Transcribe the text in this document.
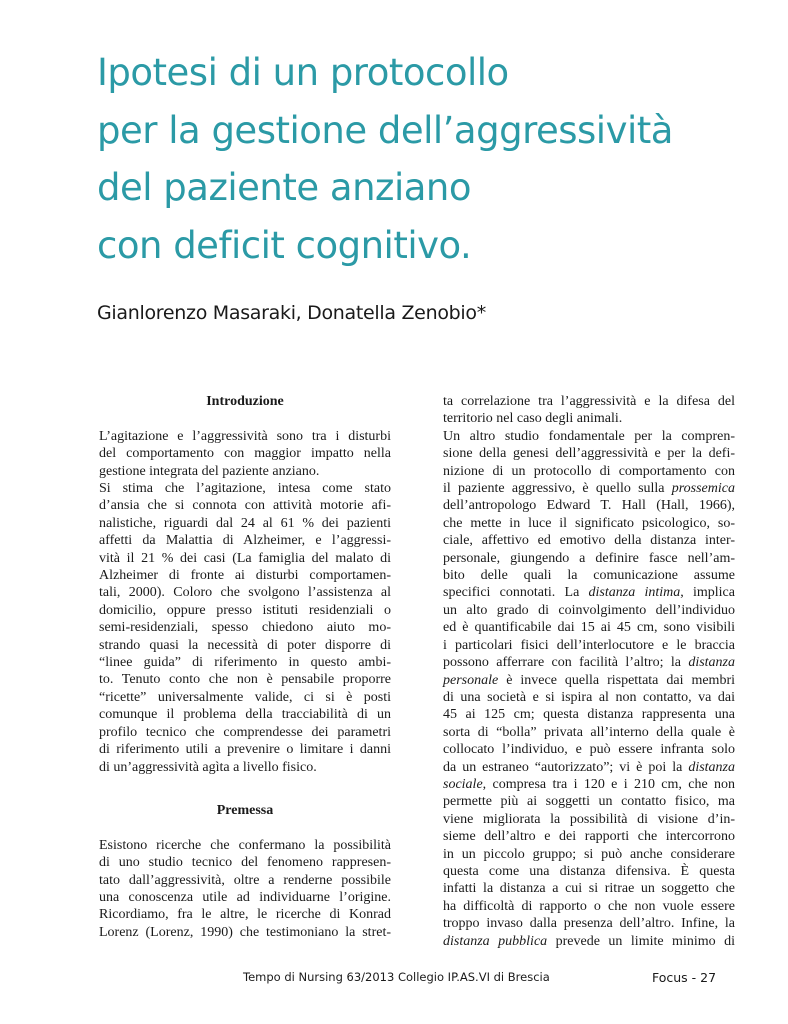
Ipotesi di un protocollo
per la gestione dell’aggressività
del paziente anziano
con deficit cognitivo.
Gianlorenzo Masaraki, Donatella Zenobio*

Introduzione

L’agitazione e l’aggressività sono tra i disturbi
del comportamento con maggior impatto nella
gestione integrata del paziente anziano.
Si stima che l’agitazione, intesa come stato
d’ansia che si connota con attività motorie afi-
nalistiche, riguardi dal 24 al 61 % dei pazienti
affetti da Malattia di Alzheimer, e l’aggressi-
vità il 21 % dei casi (La famiglia del malato di
Alzheimer di fronte ai disturbi comportamen-
tali, 2000). Coloro che svolgono l’assistenza al
domicilio, oppure presso istituti residenziali o
semi-residenziali, spesso chiedono aiuto mo-
strando quasi la necessità di poter disporre di
“linee guida” di riferimento in questo ambi-
to. Tenuto conto che non è pensabile proporre
“ricette” universalmente valide, ci si è posti
comunque il problema della tracciabilità di un
profilo tecnico che comprendesse dei parametri
di riferimento utili a prevenire o limitare i danni
di un’aggressività agìta a livello fisico.

Premessa

Esistono ricerche che confermano la possibilità
di uno studio tecnico del fenomeno rappresen-
tato dall’aggressività, oltre a renderne possibile
una conoscenza utile ad individuarne l’origine.
Ricordiamo, fra le altre, le ricerche di Konrad
Lorenz (Lorenz, 1990) che testimoniano la stret-
ta correlazione tra l’aggressività e la difesa del
territorio nel caso degli animali.
Un altro studio fondamentale per la compren-
sione della genesi dell’aggressività e per la defi-
nizione di un protocollo di comportamento con
il paziente aggressivo, è quello sulla prossemica
dell’antropologo Edward T. Hall (Hall, 1966),
che mette in luce il significato psicologico, so-
ciale, affettivo ed emotivo della distanza inter-
personale, giungendo a definire fasce nell’am-
bito delle quali la comunicazione assume
specifici connotati. La distanza intima, implica
un alto grado di coinvolgimento dell’individuo
ed è quantificabile dai 15 ai 45 cm, sono visibili
i particolari fisici dell’interlocutore e le braccia
possono afferrare con facilità l’altro; la distanza
personale è invece quella rispettata dai membri
di una società e si ispira al non contatto, va dai
45 ai 125 cm; questa distanza rappresenta una
sorta di “bolla” privata all’interno della quale è
collocato l’individuo, e può essere infranta solo
da un estraneo “autorizzato”; vi è poi la distanza
sociale, compresa tra i 120 e i 210 cm, che non
permette più ai soggetti un contatto fisico, ma
viene migliorata la possibilità di visione d’in-
sieme dell’altro e dei rapporti che intercorrono
in un piccolo gruppo; si può anche considerare
questa come una distanza difensiva. È questa
infatti la distanza a cui si ritrae un soggetto che
ha difficoltà di rapporto o che non vuole essere
troppo invaso dalla presenza dell’altro. Infine, la
distanza pubblica prevede un limite minimo di
Tempo di Nursing 63/2013 Collegio IP.AS.VI di Brescia	Focus - 27
